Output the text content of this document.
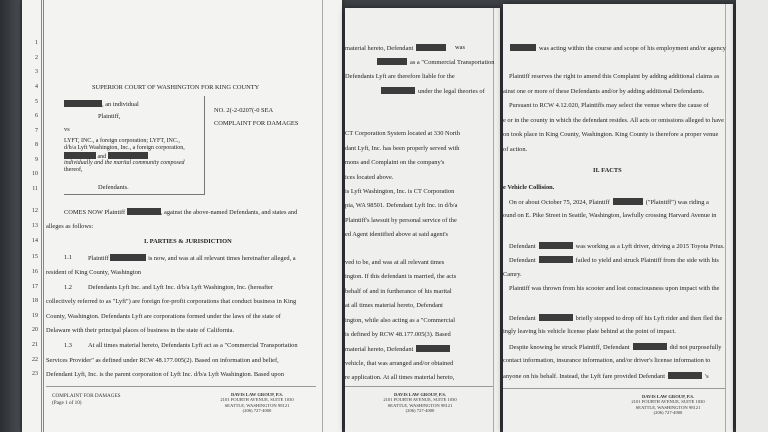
1
2
3
4
5
6
7
8
9
10
11
12
13
14
15
16
17
18
19
20
21
22
23
SUPERIOR COURT OF WASHINGTON FOR KING COUNTY
, an individual
Plaintiff,
vs
LYFT, INC., a foreign corporation; LYFT, INC.,
d/b/a Lyft Washington, Inc., a foreign corporation,
and
individually and the marital community composed
thereof,
Defendants.
NO. 2(-2-0207(-0 SEA
COMPLAINT FOR DAMAGES
COMES NOW Plaintiff	, against the above-named Defendants, and states and
alleges as follows:
I. PARTIES & JURISDICTION
1.1	Plaintiff	is now, and was at all relevant times hereinafter alleged, a
resident of King County, Washington
1.2	Defendants Lyft Inc. and Lyft Inc. d/b/a Lyft Washington, Inc. (hereafter
collectively referred to as "Lyft") are foreign for-profit corporations that conduct business in King
County, Washington. Defendants Lyft are corporations formed under the laws of the state of
Delaware with their principal places of business in the state of California.
1.3	At all times material hereto, Defendants Lyft act as a "Commercial Transportation
Services Provider" as defined under RCW 48.177.005(2). Based on information and belief,
Defendant Lyft, Inc. is the parent corporation of Lyft Inc. d/b/a Lyft Washington. Based upon
COMPLAINT FOR DAMAGES
(Page 1 of 10)
DAVIS LAW GROUP, P.S.
2101 FOURTH AVENUE, SUITE 1030
SEATTLE, WASHINGTON 98121
(206) 727-4000
material hereto, Defendant	was
as a "Commercial Transportation
Defendants Lyft are therefore liable for the
under the legal theories of
CT Corporation System located at 330 North
dant Lyft, Inc. has been properly served with
mons and Complaint on the company's
ices located above.
is Lyft Washington, Inc. is CT Corporation
pia, WA 98501. Defendant Lyft Inc. in d/b/a
Plaintiff's lawsuit by personal service of the
ed Agent identified above at said agent's
ved to be, and was at all relevant times
ington. If this defendant is married, the acts
behalf of and in furtherance of his marital
at all times material hereto, Defendant
ington, while also acting as a "Commercial
is defined by RCW 48.177.005(3). Based
material hereto, Defendant
vehicle, that was arranged and/or obtained
re application. At all times material hereto,
DAVIS LAW GROUP, P.S.
2101 FOURTH AVENUE, SUITE 1030
SEATTLE, WASHINGTON 98121
(206) 727-4000
was acting within the course and scope of his employment and/or agency
Plaintiff reserves the right to amend this Complaint by adding additional claims as
ainst one or more of these Defendants and/or by adding additional Defendants.
Pursuant to RCW 4.12.020, Plaintiffs may select the venue where the cause of
e or in the county in which the defendant resides. All acts or omissions alleged to have
on took place in King County, Washington. King County is therefore a proper venue
of action.
II. FACTS
e Vehicle Collision.
On or about October 75, 2024, Plaintiff	("Plaintiff") was riding a
ound on E. Pike Street in Seattle, Washington, lawfully crossing Harvard Avenue in
Defendant	was working as a Lyft driver, driving a 2015 Toyota Prius.
Defendant	failed to yield and struck Plaintiff from the side with his
Camry.
Plaintiff was thrown from his scooter and lost consciousness upon impact with the
Defendant	briefly stopped to drop off his Lyft rider and then fled the
ingly leaving his vehicle license plate behind at the point of impact.
Despite knowing he struck Plaintiff, Defendant	did not purposefully
contact information, insurance information, and/or driver's license information to
anyone on his behalf. Instead, the Lyft fare provided Defendant	's
DAVIS LAW GROUP, P.S.
2101 FOURTH AVENUE, SUITE 1030
SEATTLE, WASHINGTON 98121
(206) 727-4000
